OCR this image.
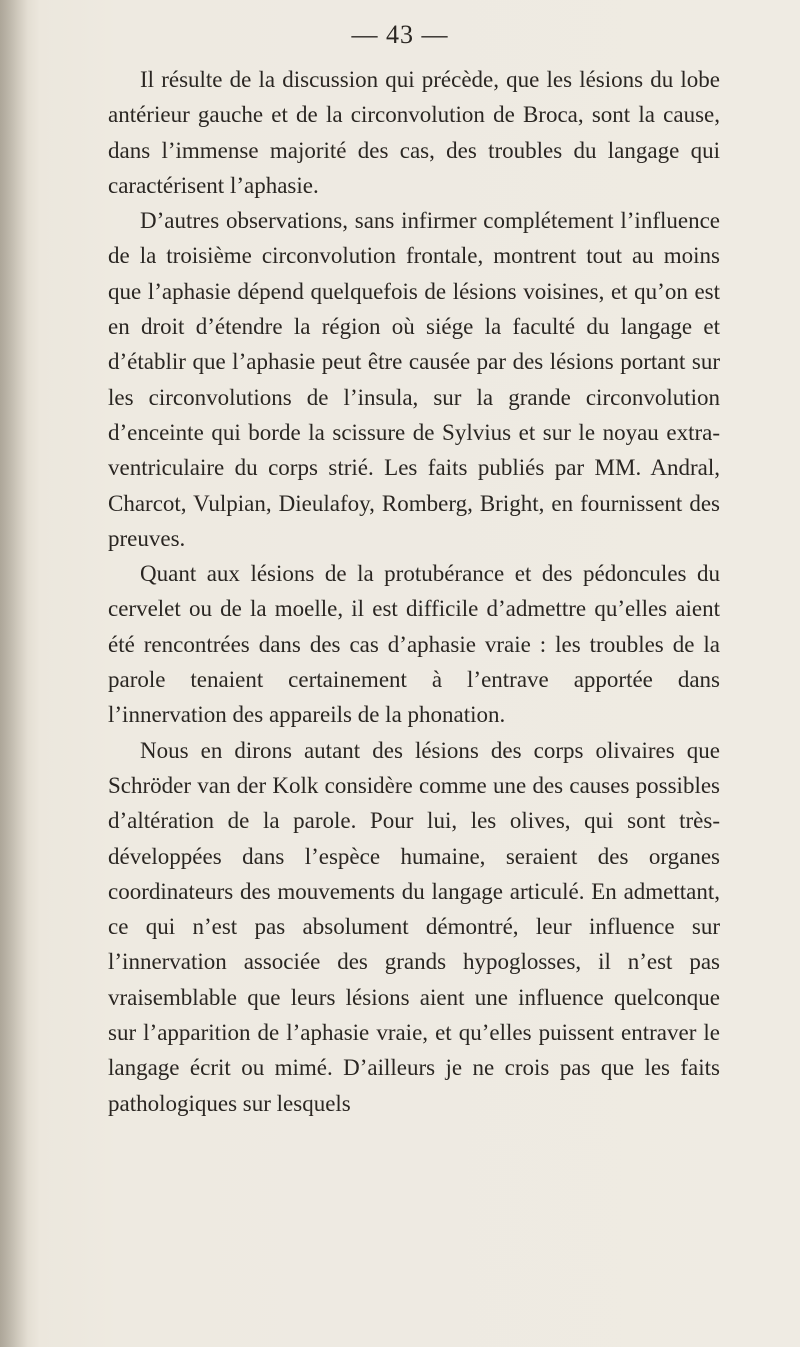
— 43 —

Il résulte de la discussion qui précède, que les lésions du lobe antérieur gauche et de la circonvolution de Broca, sont la cause, dans l’immense majorité des cas, des troubles du langage qui caractérisent l’aphasie.

D’autres observations, sans infirmer complétement l’influence de la troisième circonvolution frontale, montrent tout au moins que l’aphasie dépend quelquefois de lésions voisines, et qu’on est en droit d’étendre la région où siége la faculté du langage et d’établir que l’aphasie peut être causée par des lésions portant sur les circonvolutions de l’insula, sur la grande circonvolution d’enceinte qui borde la scissure de Sylvius et sur le noyau extra-ventriculaire du corps strié. Les faits publiés par MM. Andral, Charcot, Vulpian, Dieulafoy, Romberg, Bright, en fournissent des preuves.

Quant aux lésions de la protubérance et des pédoncules du cervelet ou de la moelle, il est difficile d’admettre qu’elles aient été rencontrées dans des cas d’aphasie vraie : les troubles de la parole tenaient certainement à l’entrave apportée dans l’innervation des appareils de la phonation.

Nous en dirons autant des lésions des corps olivaires que Schröder van der Kolk considère comme une des causes possibles d’altération de la parole. Pour lui, les olives, qui sont très-développées dans l’espèce humaine, seraient des organes coordinateurs des mouvements du langage articulé. En admettant, ce qui n’est pas absolument démontré, leur influence sur l’innervation associée des grands hypoglosses, il n’est pas vraisemblable que leurs lésions aient une influence quelconque sur l’apparition de l’aphasie vraie, et qu’elles puissent entraver le langage écrit ou mimé. D’ailleurs je ne crois pas que les faits pathologiques sur lesquels
